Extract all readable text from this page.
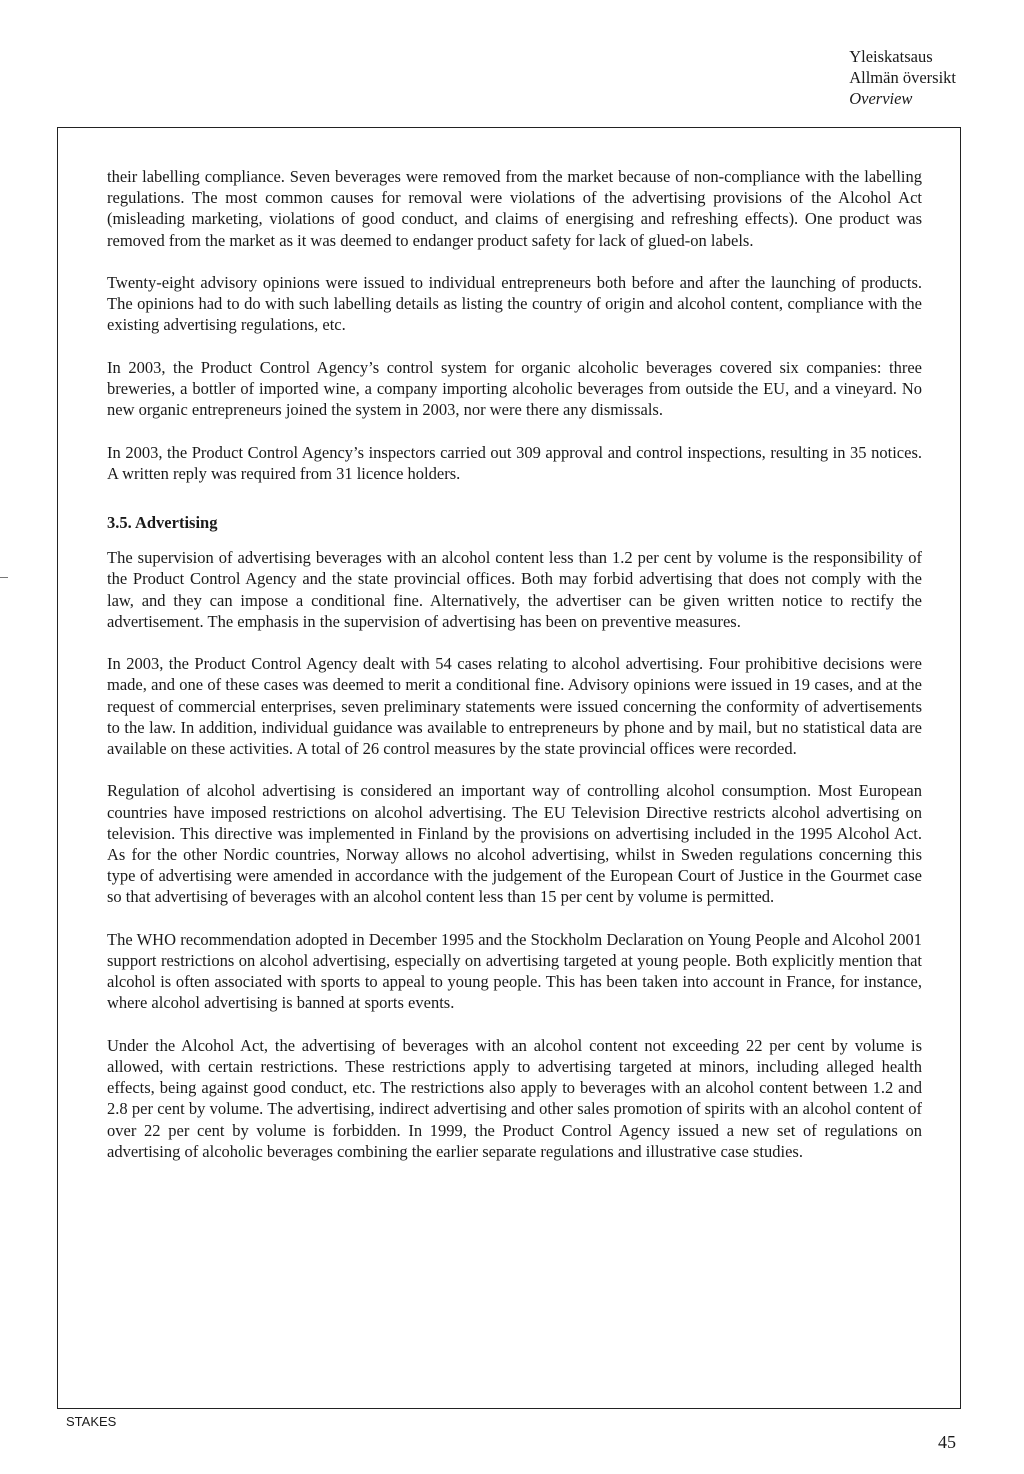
Yleiskatsaus
Allmän översikt
Overview

their labelling compliance. Seven beverages were removed from the market because of non-compliance with the labelling regulations. The most common causes for removal were violations of the advertising provisions of the Alcohol Act (misleading marketing, violations of good conduct, and claims of energising and refreshing effects). One product was removed from the market as it was deemed to endanger product safety for lack of glued-on labels.

Twenty-eight advisory opinions were issued to individual entrepreneurs both before and after the launching of products. The opinions had to do with such labelling details as listing the country of origin and alcohol content, compliance with the existing advertising regulations, etc.

In 2003, the Product Control Agency’s control system for organic alcoholic beverages covered six companies: three breweries, a bottler of imported wine, a company importing alcoholic beverages from outside the EU, and a vineyard. No new organic entrepreneurs joined the system in 2003, nor were there any dismissals.

In 2003, the Product Control Agency’s inspectors carried out 309 approval and control inspections, resulting in 35 notices. A written reply was required from 31 licence holders.

3.5. Advertising

The supervision of advertising beverages with an alcohol content less than 1.2 per cent by volume is the responsibility of the Product Control Agency and the state provincial offices. Both may forbid advertising that does not comply with the law, and they can impose a conditional fine. Alternatively, the advertiser can be given written notice to rectify the advertisement. The emphasis in the supervision of advertising has been on preventive measures.

In 2003, the Product Control Agency dealt with 54 cases relating to alcohol advertising. Four prohibitive decisions were made, and one of these cases was deemed to merit a conditional fine. Advisory opinions were issued in 19 cases, and at the request of commercial enterprises, seven preliminary statements were issued concerning the conformity of advertisements to the law. In addition, individual guidance was available to entrepreneurs by phone and by mail, but no statistical data are available on these activities. A total of 26 control measures by the state provincial offices were recorded.

Regulation of alcohol advertising is considered an important way of controlling alcohol consumption. Most European countries have imposed restrictions on alcohol advertising. The EU Television Directive restricts alcohol advertising on television. This directive was implemented in Finland by the provisions on advertising included in the 1995 Alcohol Act. As for the other Nordic countries, Norway allows no alcohol advertising, whilst in Sweden regulations concerning this type of advertising were amended in accordance with the judgement of the European Court of Justice in the Gourmet case so that advertising of beverages with an alcohol content less than 15 per cent by volume is permitted.

The WHO recommendation adopted in December 1995 and the Stockholm Declaration on Young People and Alcohol 2001 support restrictions on alcohol advertising, especially on advertising targeted at young people. Both explicitly mention that alcohol is often associated with sports to appeal to young people. This has been taken into account in France, for instance, where alcohol advertising is banned at sports events.

Under the Alcohol Act, the advertising of beverages with an alcohol content not exceeding 22 per cent by volume is allowed, with certain restrictions. These restrictions apply to advertising targeted at minors, including alleged health effects, being against good conduct, etc. The restrictions also apply to beverages with an alcohol content between 1.2 and 2.8 per cent by volume. The advertising, indirect advertising and other sales promotion of spirits with an alcohol content of over 22 per cent by volume is forbidden. In 1999, the Product Control Agency issued a new set of regulations on advertising of alcoholic beverages combining the earlier separate regulations and illustrative case studies.

STAKES
45
